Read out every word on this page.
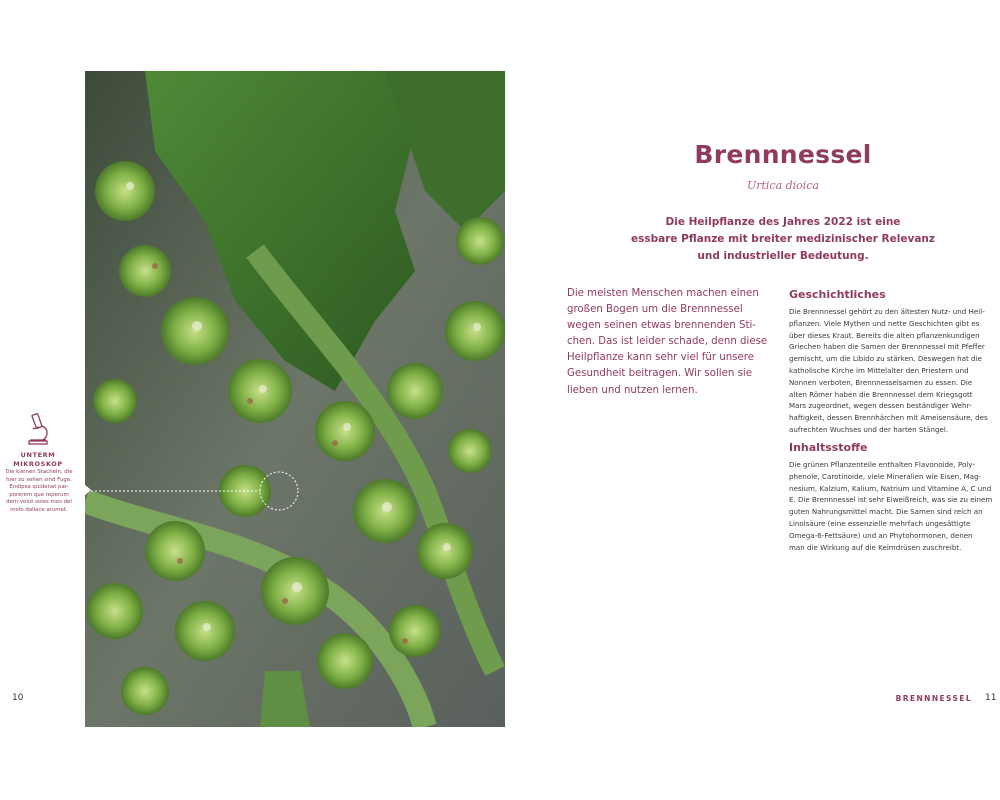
UNTERM
MIKROSKOP
Die kleinen Stacheln, die
hier zu sehen sind Fuga.
Endipsa quidenat par-
porerem que reperum
dem volut soles mos del
molo dallace arumet.
10
Brennnessel
Urtica dioica
Die Heilpflanze des Jahres 2022 ist eine
essbare Pflanze mit breiter medizinischer Relevanz
und industrieller Bedeutung.
Die meisten Menschen machen einen
großen Bogen um die Brennnessel
wegen seinen etwas brennenden Sti-
chen. Das ist leider schade, denn diese
Heilpflanze kann sehr viel für unsere
Gesundheit beitragen. Wir sollen sie
lieben und nutzen lernen.
Geschichtliches

Die Brennnessel gehört zu den ältesten Nutz- und Heil-
pflanzen. Viele Mythen und nette Geschichten gibt es
über dieses Kraut. Bereits die alten pflanzenkundigen
Griechen haben die Samen der Brennnessel mit Pfeffer
gemischt, um die Libido zu stärken. Deswegen hat die
katholische Kirche im Mittelalter den Priestern und
Nonnen verboten, Brennnesselsamen zu essen. Die
alten Römer haben die Brennnessel dem Kriegsgott
Mars zugeordnet, wegen dessen beständiger Wehr-
haftigkeit, dessen Brennhärchen mit Ameisensäure, des
aufrechten Wuchses und der harten Stängel.

Inhaltsstoffe

Die grünen Pflanzenteile enthalten Flavonoide, Poly-
phenole, Carotinoide, viele Mineralien wie Eisen, Mag-
nesium, Kalzium, Kalium, Natrium und Vitamine A, C und
E. Die Brennnessel ist sehr Eiweißreich, was sie zu einem
guten Nahrungsmittel macht. Die Samen sind reich an
Linolsäure (eine essenzielle mehrfach ungesättigte
Omega-6-Fettsäure) und an Phytohormonen, denen
man die Wirkung auf die Keimdrüsen zuschreibt.

BRENNNESSEL 11
